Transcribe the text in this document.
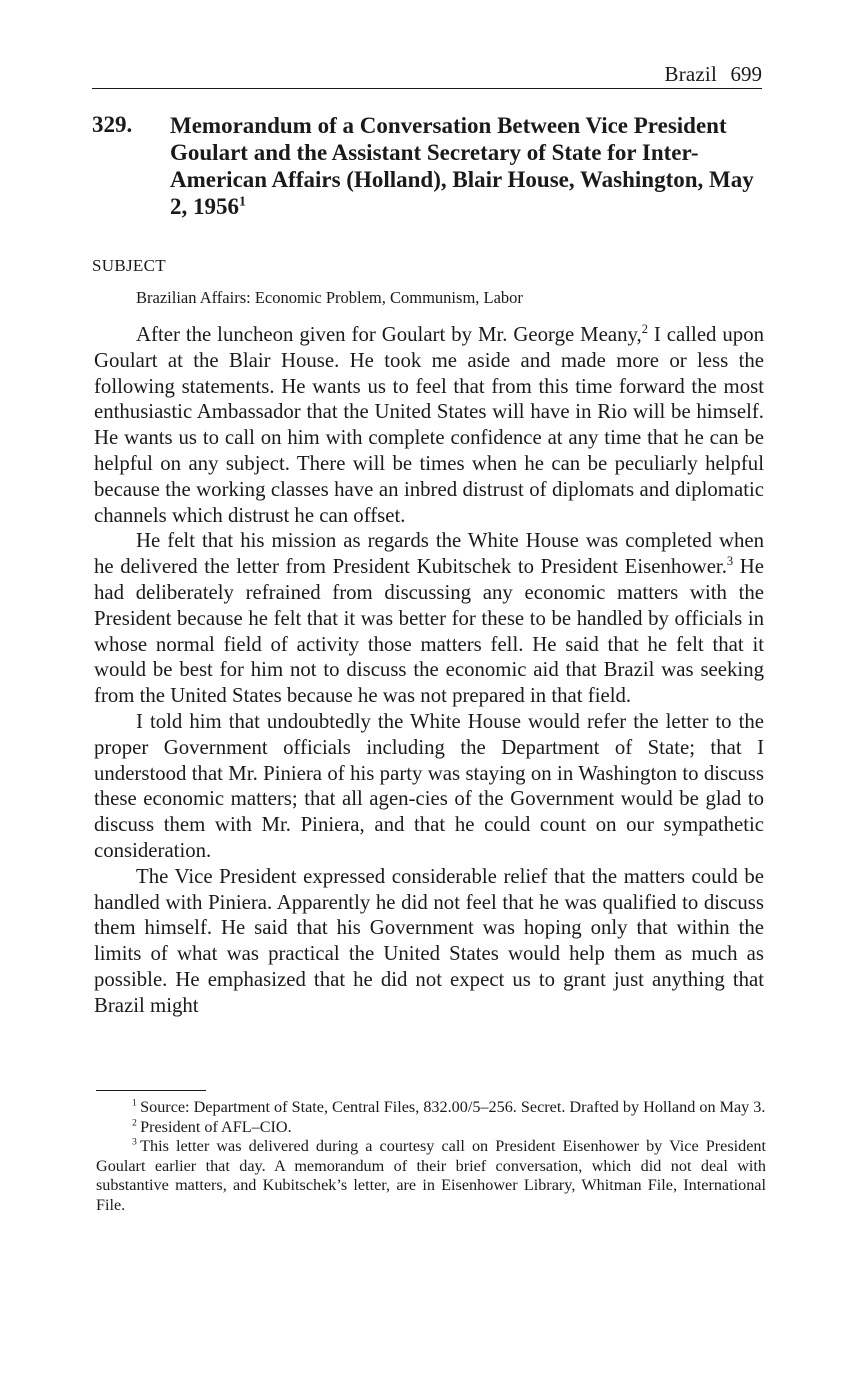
Brazil 699
329. Memorandum of a Conversation Between Vice President Goulart and the Assistant Secretary of State for Inter-American Affairs (Holland), Blair House, Washington, May 2, 1956$^1$
SUBJECT
Brazilian Affairs: Economic Problem, Communism, Labor

After the luncheon given for Goulart by Mr. George Meany,$^2$ I called upon Goulart at the Blair House. He took me aside and made more or less the following statements. He wants us to feel that from this time forward the most enthusiastic Ambassador that the United States will have in Rio will be himself. He wants us to call on him with complete confidence at any time that he can be helpful on any subject. There will be times when he can be peculiarly helpful because the working classes have an inbred distrust of diplomats and diplomatic channels which distrust he can offset.

He felt that his mission as regards the White House was completed when he delivered the letter from President Kubitschek to President Eisenhower.$^3$ He had deliberately refrained from discussing any economic matters with the President because he felt that it was better for these to be handled by officials in whose normal field of activity those matters fell. He said that he felt that it would be best for him not to discuss the economic aid that Brazil was seeking from the United States because he was not prepared in that field.

I told him that undoubtedly the White House would refer the letter to the proper Government officials including the Department of State; that I understood that Mr. Piniera of his party was staying on in Washington to discuss these economic matters; that all agen-cies of the Government would be glad to discuss them with Mr. Piniera, and that he could count on our sympathetic consideration.

The Vice President expressed considerable relief that the matters could be handled with Piniera. Apparently he did not feel that he was qualified to discuss them himself. He said that his Government was hoping only that within the limits of what was practical the United States would help them as much as possible. He emphasized that he did not expect us to grant just anything that Brazil might

$^1$  Source: Department of State, Central Files, 832.00/5–256. Secret. Drafted by Holland on May 3.

$^2$  President of AFL–CIO.

$^3$  This letter was delivered during a courtesy call on President Eisenhower by Vice President Goulart earlier that day. A memorandum of their brief conversation, which did not deal with substantive matters, and Kubitschek’s letter, are in Eisenhower Library, Whitman File, International File.
